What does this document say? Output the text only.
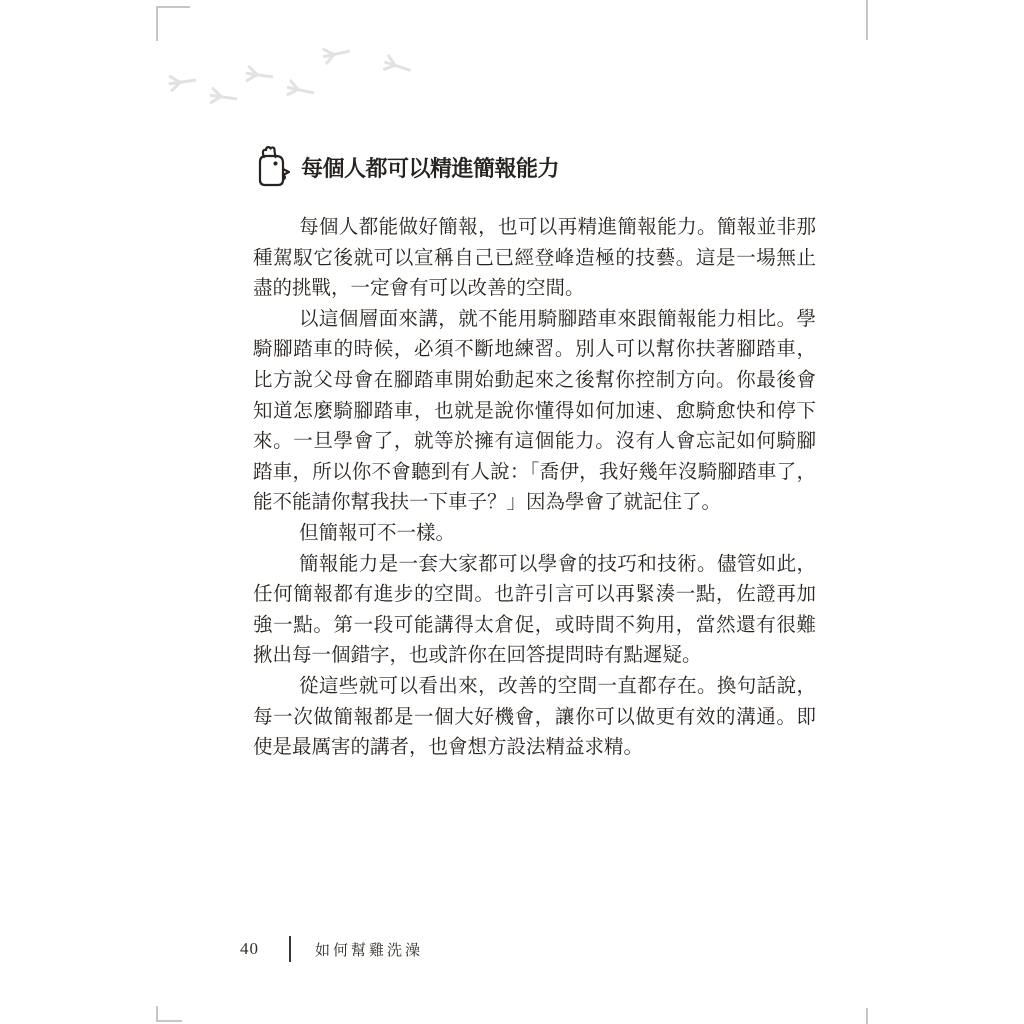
每個人都可以精進簡報能力

每個人都能做好簡報，也可以再精進簡報能力。簡報並非那種駕馭它後就可以宣稱自己已經登峰造極的技藝。這是一場無止盡的挑戰，一定會有可以改善的空間。

以這個層面來講，就不能用騎腳踏車來跟簡報能力相比。學騎腳踏車的時候，必須不斷地練習。別人可以幫你扶著腳踏車，比方說父母會在腳踏車開始動起來之後幫你控制方向。你最後會知道怎麼騎腳踏車，也就是說你懂得如何加速、愈騎愈快和停下來。一旦學會了，就等於擁有這個能力。沒有人會忘記如何騎腳踏車，所以你不會聽到有人說：「喬伊，我好幾年沒騎腳踏車了，能不能請你幫我扶一下車子？」因為學會了就記住了。

但簡報可不一樣。

簡報能力是一套大家都可以學會的技巧和技術。儘管如此，任何簡報都有進步的空間。也許引言可以再緊湊一點，佐證再加強一點。第一段可能講得太倉促，或時間不夠用，當然還有很難揪出每一個錯字，也或許你在回答提問時有點遲疑。

從這些就可以看出來，改善的空間一直都存在。換句話說，每一次做簡報都是一個大好機會，讓你可以做更有效的溝通。即使是最厲害的講者，也會想方設法精益求精。

40	如何幫雞洗澡
